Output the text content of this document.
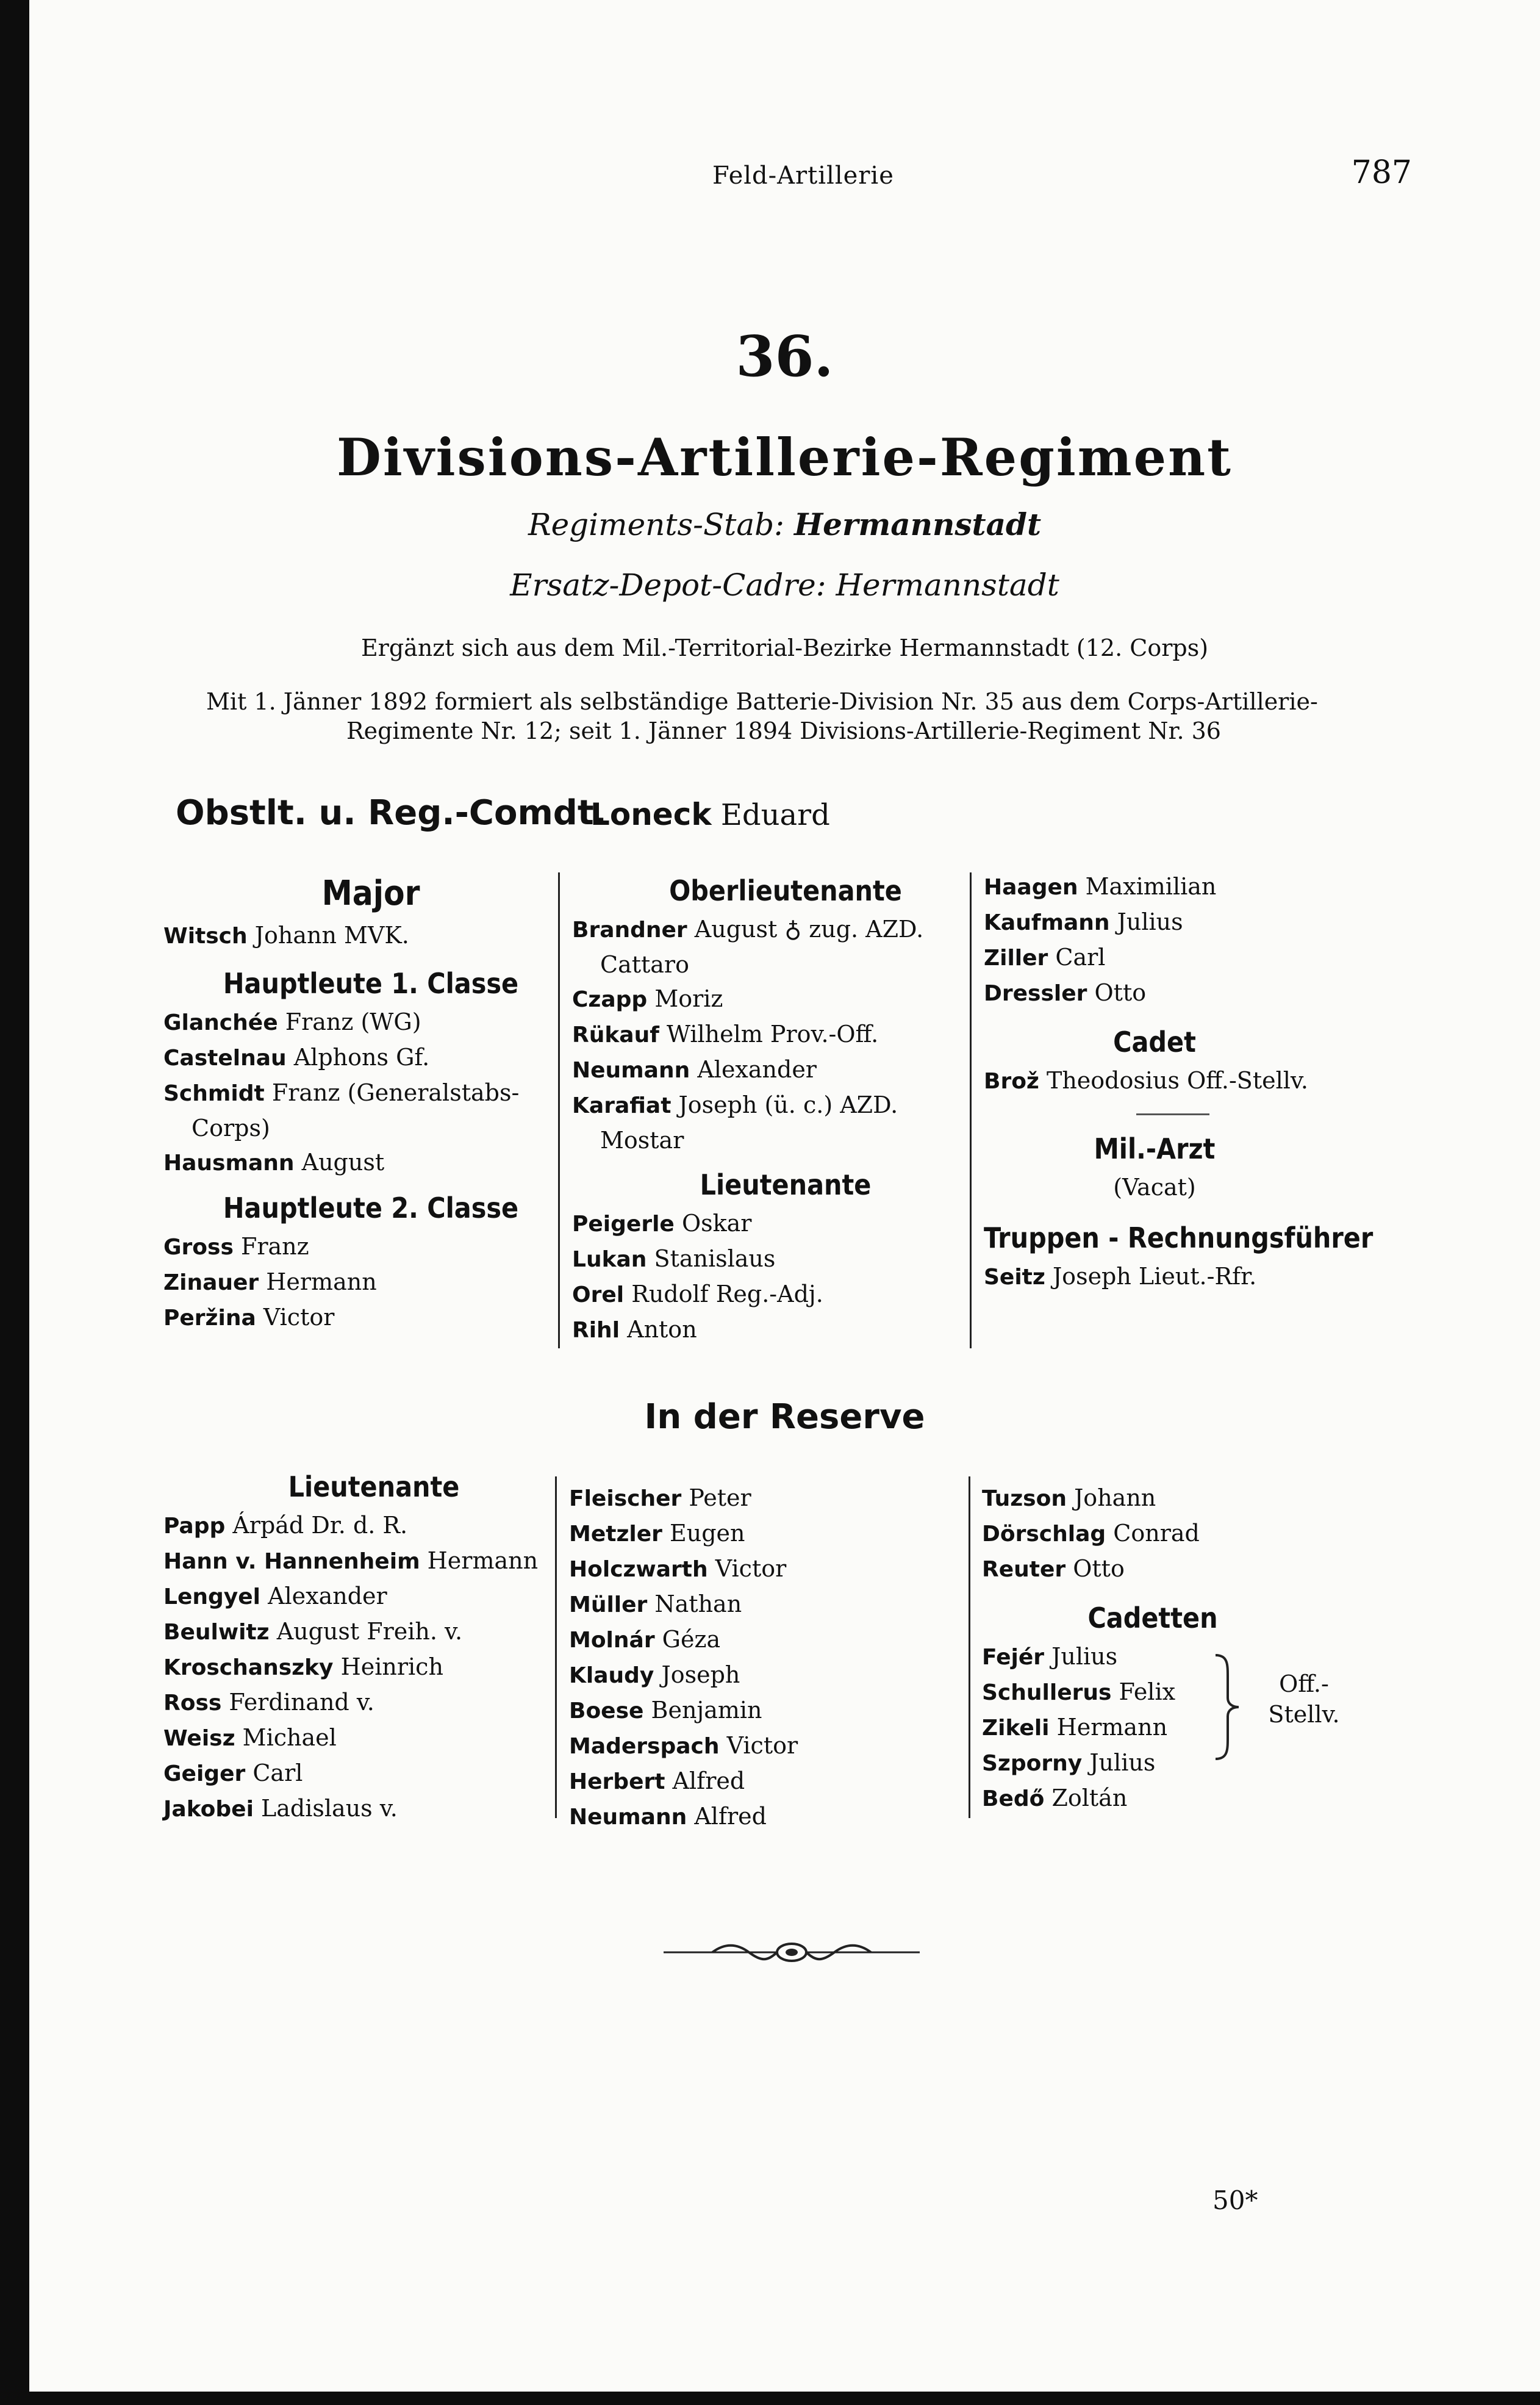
Feld-Artillerie	787
36.
Divisions-Artillerie-Regiment
Regiments-Stab: Hermannstadt
Ersatz-Depot-Cadre: Hermannstadt
Ergänzt sich aus dem Mil.-Territorial-Bezirke Hermannstadt (12. Corps)
Mit 1. Jänner 1892 formiert als selbständige Batterie-Division Nr. 35 aus dem Corps-Artillerie-
Regimente Nr. 12; seit 1. Jänner 1894 Divisions-Artillerie-Regiment Nr. 36
Obstlt. u. Reg.-Comdt.
Loneck Eduard
Major
Witsch Johann MVK.
Hauptleute 1. Classe
Glanchée Franz (WG)
Castelnau Alphons Gf.
Schmidt Franz (Generalstabs-
Corps)
Hausmann August
Hauptleute 2. Classe
Gross Franz
Zinauer Hermann
Peržina Victor
Oberlieutenante
Brandner August ♁ zug. AZD.
Cattaro
Czapp Moriz
Rükauf Wilhelm Prov.-Off.
Neumann Alexander
Karafiat Joseph (ü. c.) AZD.
Mostar
Lieutenante
Peigerle Oskar
Lukan Stanislaus
Orel Rudolf Reg.-Adj.
Rihl Anton
Haagen Maximilian
Kaufmann Julius
Ziller Carl
Dressler Otto
Cadet
Brož Theodosius Off.-Stellv.
Mil.-Arzt
(Vacat)
Truppen - Rechnungsführer
Seitz Joseph Lieut.-Rfr.
In der Reserve
Lieutenante
Papp Árpád Dr. d. R.
Hann v. Hannenheim Hermann
Lengyel Alexander
Beulwitz August Freih. v.
Kroschanszky Heinrich
Ross Ferdinand v.
Weisz Michael
Geiger Carl
Jakobei Ladislaus v.
Fleischer Peter
Metzler Eugen
Holczwarth Victor
Müller Nathan
Molnár Géza
Klaudy Joseph
Boese Benjamin
Maderspach Victor
Herbert Alfred
Neumann Alfred
Tuzson Johann
Dörschlag Conrad
Reuter Otto
Cadetten
Fejér Julius
Schullerus Felix
Zikeli Hermann
Szporny Julius
Bedő Zoltán
Off.-
Stellv.
50*
